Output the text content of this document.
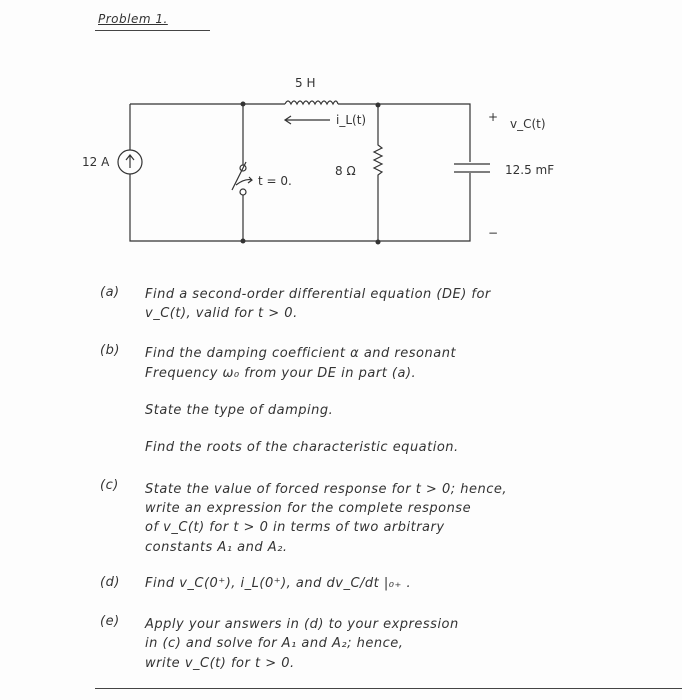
Problem 1.
5 H
i_L(t)
12 A
t = 0.
8 Ω	12.5 mF
v_C(t)
+
−
(a) Find a second-order differential equation (DE) for
v_C(t), valid for t > 0.
(b) Find the damping coefficient α and resonant
Frequency ω₀ from your DE in part (a).
State the type of damping.
Find the roots of the characteristic equation.
(c) State the value of forced response for t > 0; hence,
write an expression for the complete response
of v_C(t) for t > 0 in terms of two arbitrary
constants A₁ and A₂.
(d) Find v_C(0⁺), i_L(0⁺), and dv_C/dt |₀₊ .
(e) Apply your answers in (d) to your expression
in (c) and solve for A₁ and A₂; hence,
write v_C(t) for t > 0.
